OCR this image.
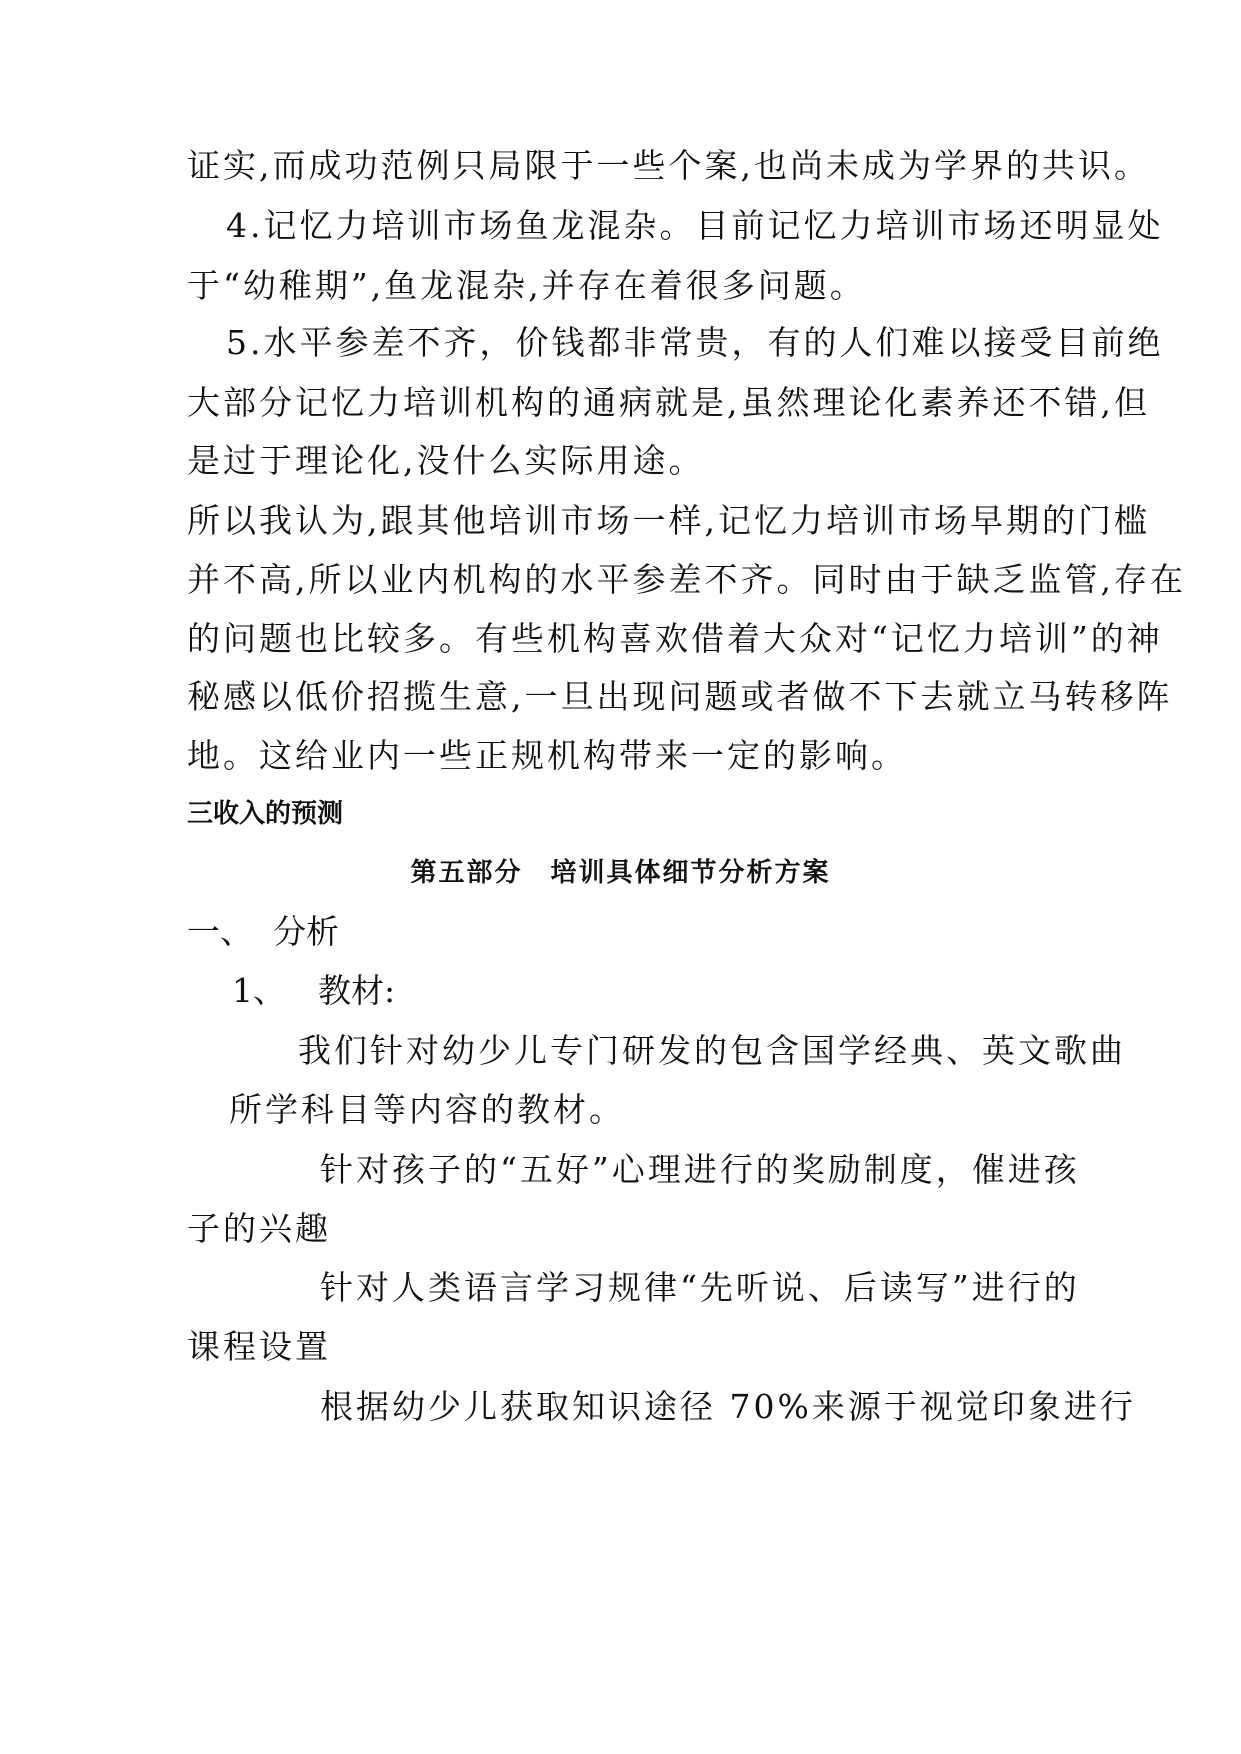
证实,而成功范例只局限于一些个案,也尚未成为学界的共识。
4.记忆力培训市场鱼龙混杂。目前记忆力培训市场还明显处
于“幼稚期”,鱼龙混杂,并存在着很多问题。
5.水平参差不齐，价钱都非常贵，有的人们难以接受目前绝
大部分记忆力培训机构的通病就是,虽然理论化素养还不错,但
是过于理论化,没什么实际用途。
所以我认为,跟其他培训市场一样,记忆力培训市场早期的门槛
并不高,所以业内机构的水平参差不齐。同时由于缺乏监管,存在
的问题也比较多。有些机构喜欢借着大众对“记忆力培训”的神
秘感以低价招揽生意,一旦出现问题或者做不下去就立马转移阵
地。这给业内一些正规机构带来一定的影响。
三收入的预测
第五部分　培训具体细节分析方案
一、 分析
1、 教材:
我们针对幼少儿专门研发的包含国学经典、英文歌曲
所学科目等内容的教材。
针对孩子的“五好”心理进行的奖励制度，催进孩
子的兴趣
针对人类语言学习规律“先听说、后读写”进行的
课程设置
根据幼少儿获取知识途径 70%来源于视觉印象进行
